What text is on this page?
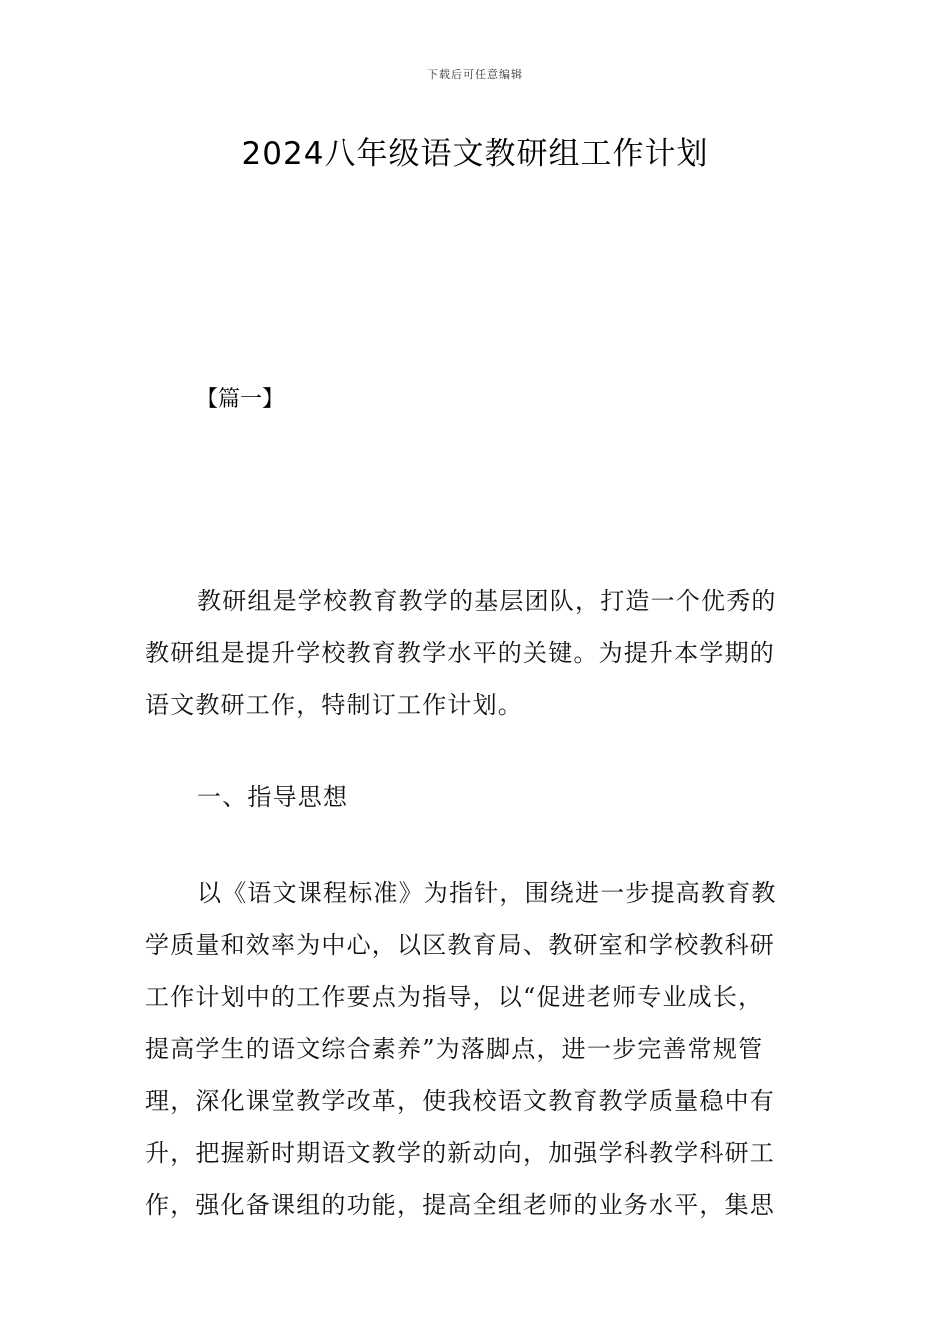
下载后可任意编辑
2024八年级语文教研组工作计划
【篇一】
教研组是学校教育教学的基层团队，打造一个优秀的
教研组是提升学校教育教学水平的关键。为提升本学期的
语文教研工作，特制订工作计划。
一、指导思想
以《语文课程标准》为指针，围绕进一步提高教育教
学质量和效率为中心，以区教育局、教研室和学校教科研
工作计划中的工作要点为指导，以“促进老师专业成长，
提高学生的语文综合素养”为落脚点，进一步完善常规管
理，深化课堂教学改革，使我校语文教育教学质量稳中有
升，把握新时期语文教学的新动向，加强学科教学科研工
作，强化备课组的功能，提高全组老师的业务水平，集思
